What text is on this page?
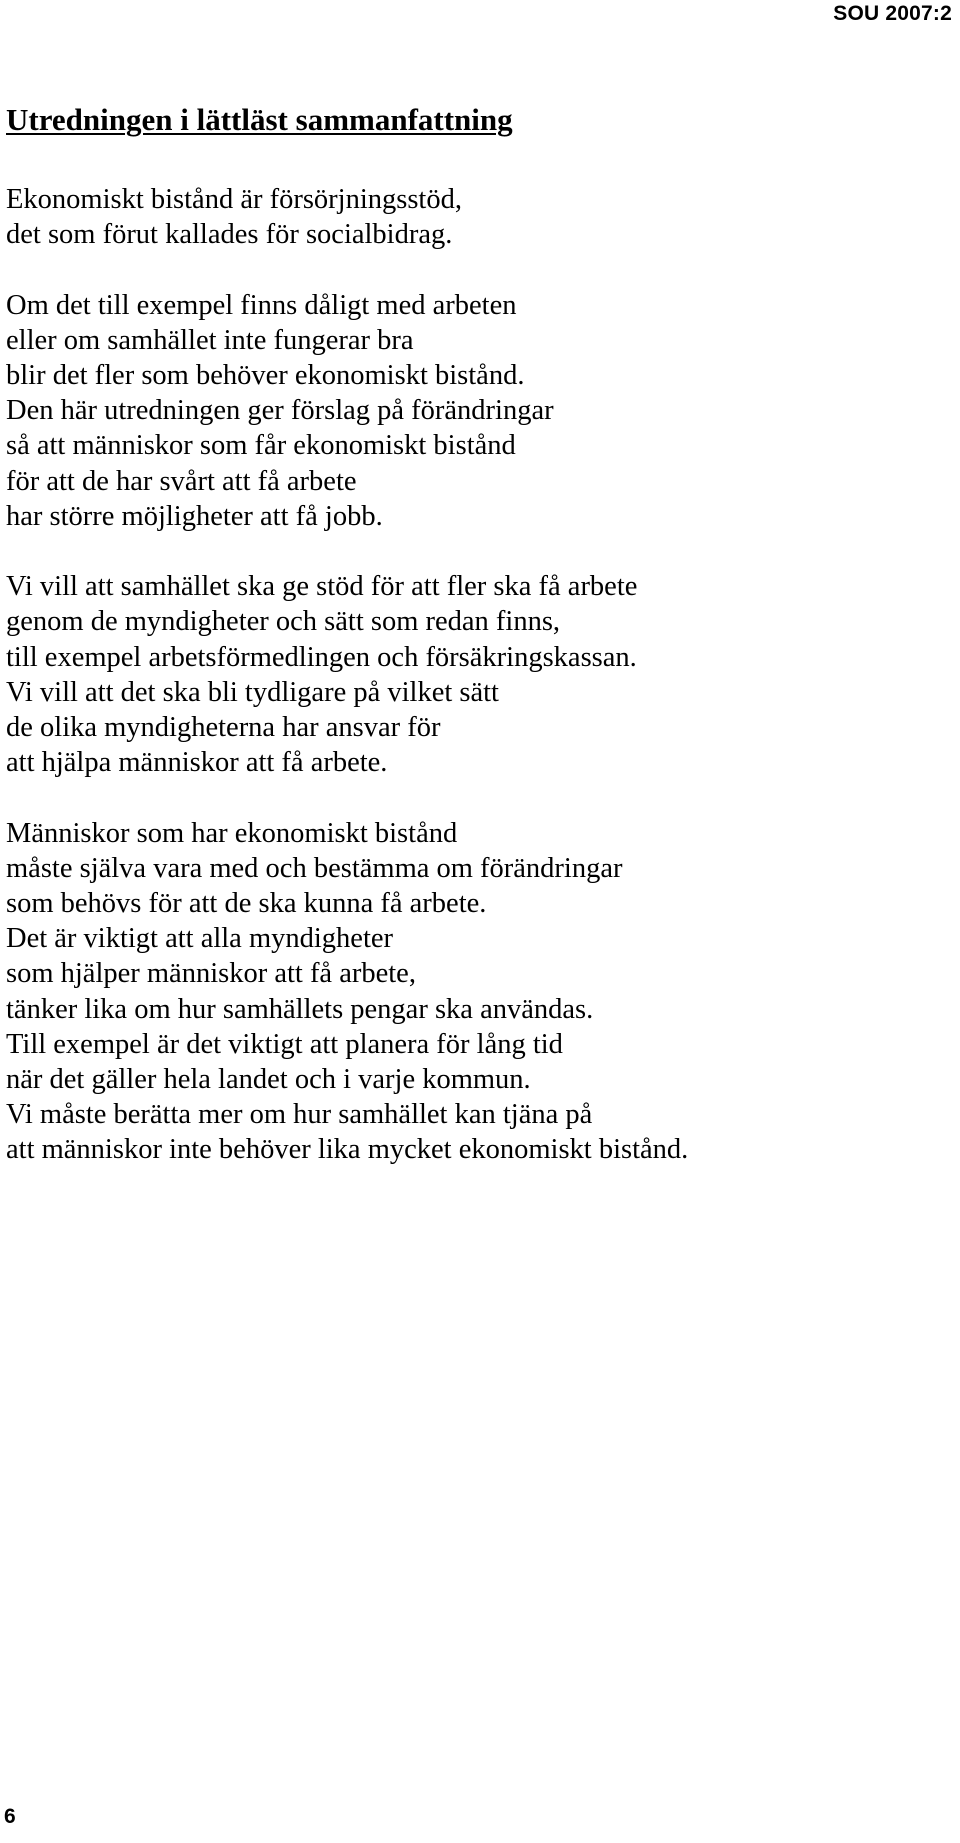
SOU 2007:2
Utredningen i lättläst sammanfattning

Ekonomiskt bistånd är försörjningsstöd,
det som förut kallades för socialbidrag.

Om det till exempel finns dåligt med arbeten
eller om samhället inte fungerar bra
blir det fler som behöver ekonomiskt bistånd.
Den här utredningen ger förslag på förändringar
så att människor som får ekonomiskt bistånd
för att de har svårt att få arbete
har större möjligheter att få jobb.

Vi vill att samhället ska ge stöd för att fler ska få arbete
genom de myndigheter och sätt som redan finns,
till exempel arbetsförmedlingen och försäkringskassan.
Vi vill att det ska bli tydligare på vilket sätt
de olika myndigheterna har ansvar för
att hjälpa människor att få arbete.

Människor som har ekonomiskt bistånd
måste själva vara med och bestämma om förändringar
som behövs för att de ska kunna få arbete.
Det är viktigt att alla myndigheter
som hjälper människor att få arbete,
tänker lika om hur samhällets pengar ska användas.
Till exempel är det viktigt att planera för lång tid
när det gäller hela landet och i varje kommun.
Vi måste berätta mer om hur samhället kan tjäna på
att människor inte behöver lika mycket ekonomiskt bistånd.

6
